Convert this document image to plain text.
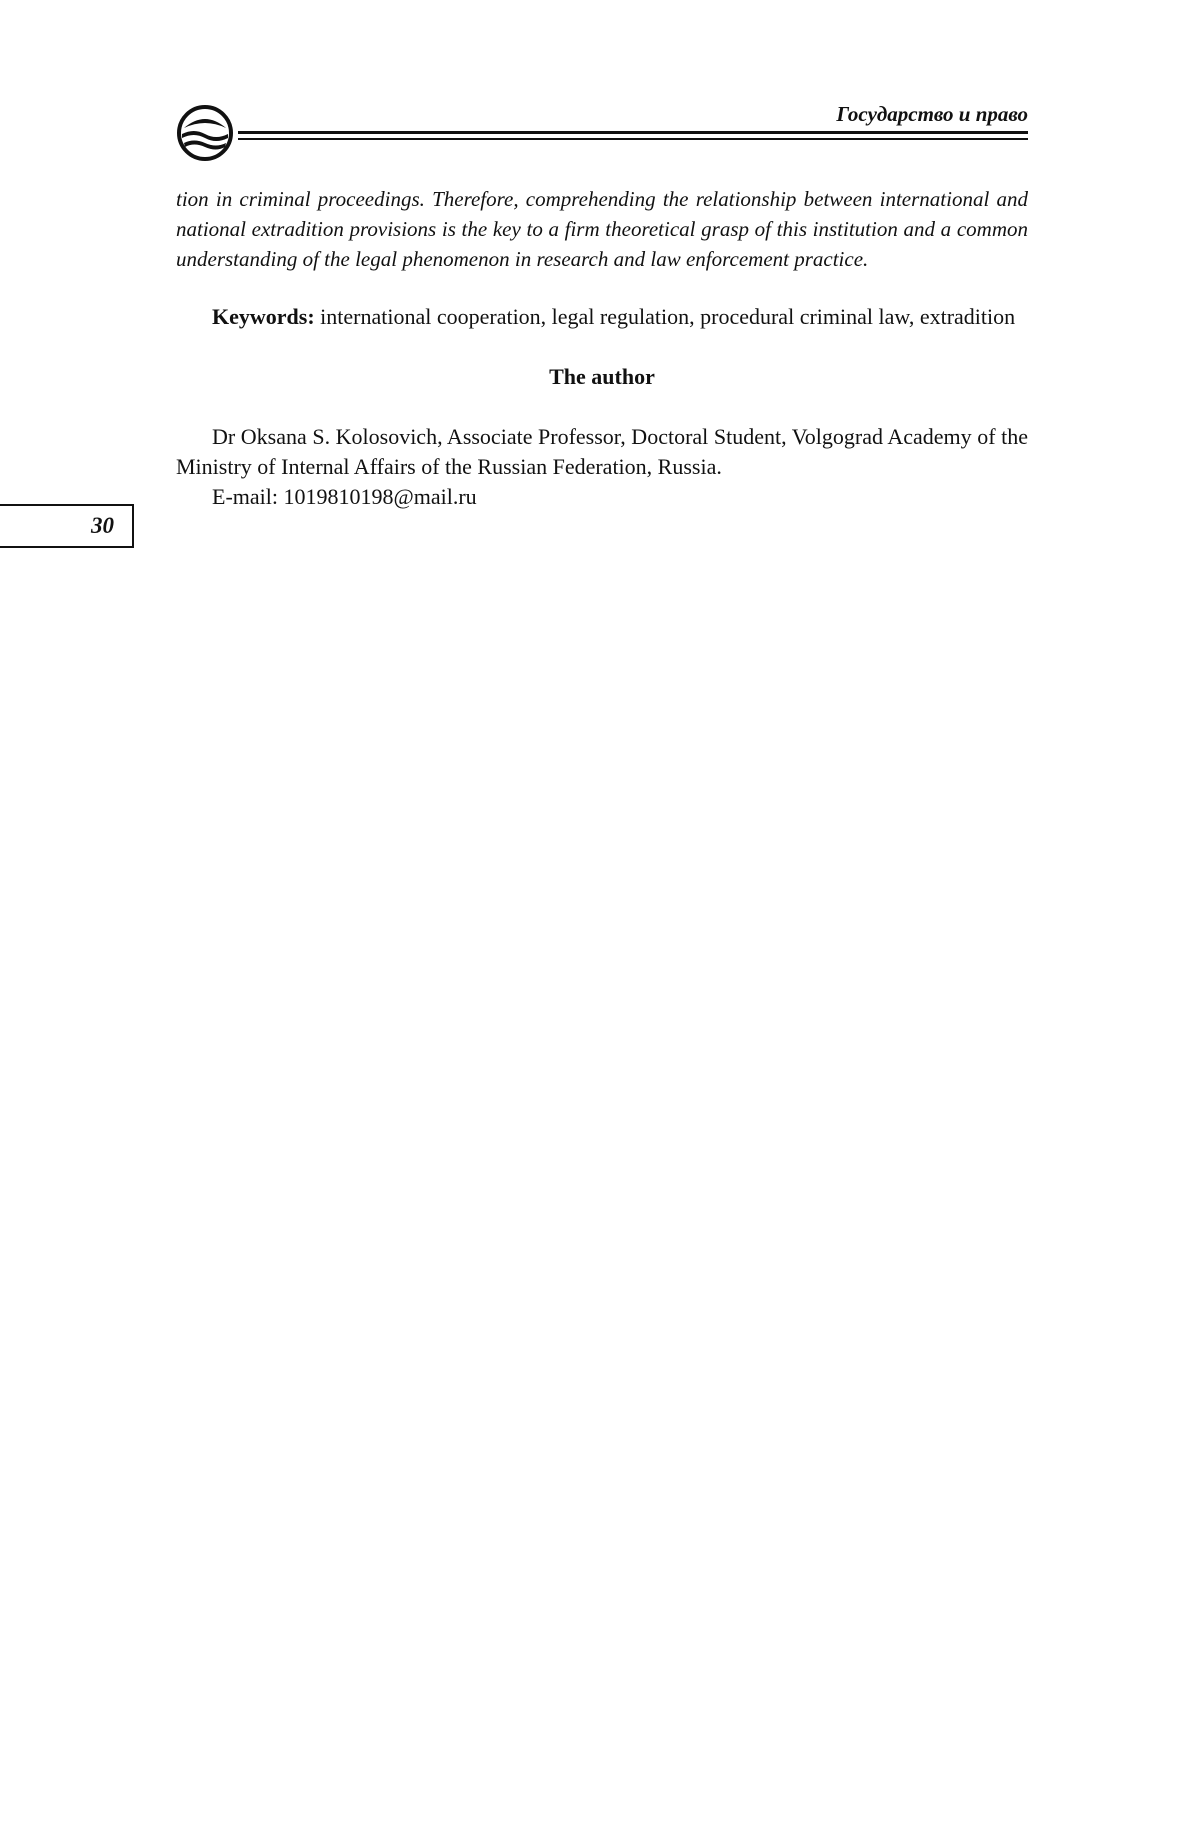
Государство и право

tion in criminal proceedings. Therefore, comprehending the relationship between international and national extradition provisions is the key to a firm theoretical grasp of this institution and a common understanding of the legal phenomenon in research and law enforcement practice.

Keywords: international cooperation, legal regulation, procedural criminal law, extradition

The author

Dr Oksana S. Kolosovich, Associate Professor, Doctoral Student, Volgograd Academy of the Ministry of Internal Affairs of the Russian Federation, Russia.

E-mail: 1019810198@mail.ru

30
